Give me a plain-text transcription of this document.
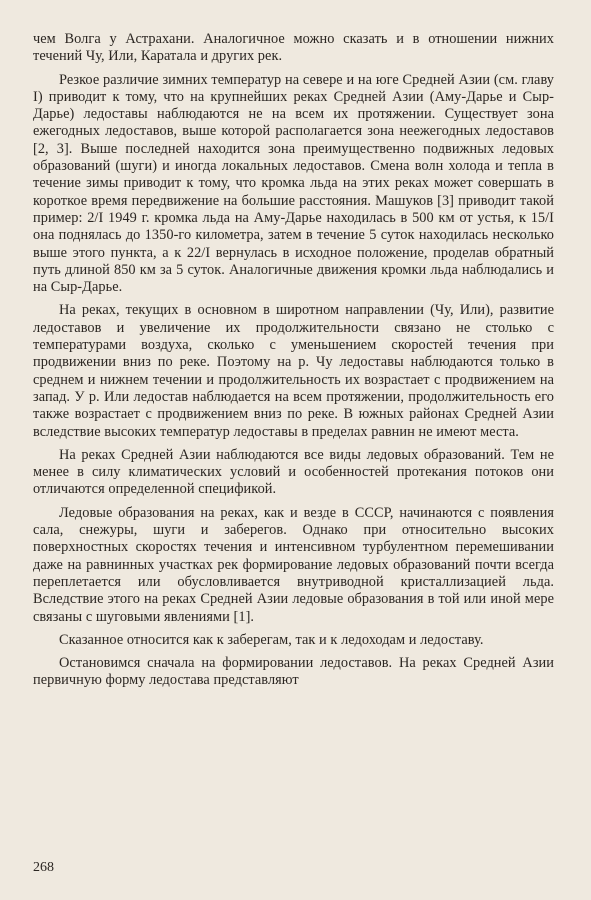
чем Волга у Астрахани. Аналогичное можно сказать и в отношении нижних течений Чу, Или, Каратала и других рек.

Резкое различие зимних температур на севере и на юге Средней Азии (см. главу I) приводит к тому, что на крупнейших реках Средней Азии (Аму-Дарье и Сыр-Дарье) ледоставы наблюдаются не на всем их протяжении. Существует зона ежегодных ледоставов, выше которой располагается зона неежегодных ледоставов [2, 3]. Выше последней находится зона преимущественно подвижных ледовых образований (шуги) и иногда локальных ледоставов. Смена волн холода и тепла в течение зимы приводит к тому, что кромка льда на этих реках может совершать в короткое время передвижение на большие расстояния. Машуков [3] приводит такой пример: 2/I 1949 г. кромка льда на Аму-Дарье находилась в 500 км от устья, к 15/I она поднялась до 1350-го километра, затем в течение 5 суток находилась несколько выше этого пункта, а к 22/I вернулась в исходное положение, проделав обратный путь длиной 850 км за 5 суток. Аналогичные движения кромки льда наблюдались и на Сыр-Дарье.

На реках, текущих в основном в широтном направлении (Чу, Или), развитие ледоставов и увеличение их продолжительности связано не столько с температурами воздуха, сколько с уменьшением скоростей течения при продвижении вниз по реке. Поэтому на р. Чу ледоставы наблюдаются только в среднем и нижнем течении и продолжительность их возрастает с продвижением на запад. У р. Или ледостав наблюдается на всем протяжении, продолжительность его также возрастает с продвижением вниз по реке. В южных районах Средней Азии вследствие высоких температур ледоставы в пределах равнин не имеют места.

На реках Средней Азии наблюдаются все виды ледовых образований. Тем не менее в силу климатических условий и особенностей протекания потоков они отличаются определенной спецификой.

Ледовые образования на реках, как и везде в СССР, начинаются с появления сала, снежуры, шуги и заберегов. Однако при относительно высоких поверхностных скоростях течения и интенсивном турбулентном перемешивании даже на равнинных участках рек формирование ледовых образований почти всегда переплетается или обусловливается внутриводной кристаллизацией льда. Вследствие этого на реках Средней Азии ледовые образования в той или иной мере связаны с шуговыми явлениями [1].

Сказанное относится как к заберегам, так и к ледоходам и ледоставу.

Остановимся сначала на формировании ледоставов. На реках Средней Азии первичную форму ледостава представляют

268
